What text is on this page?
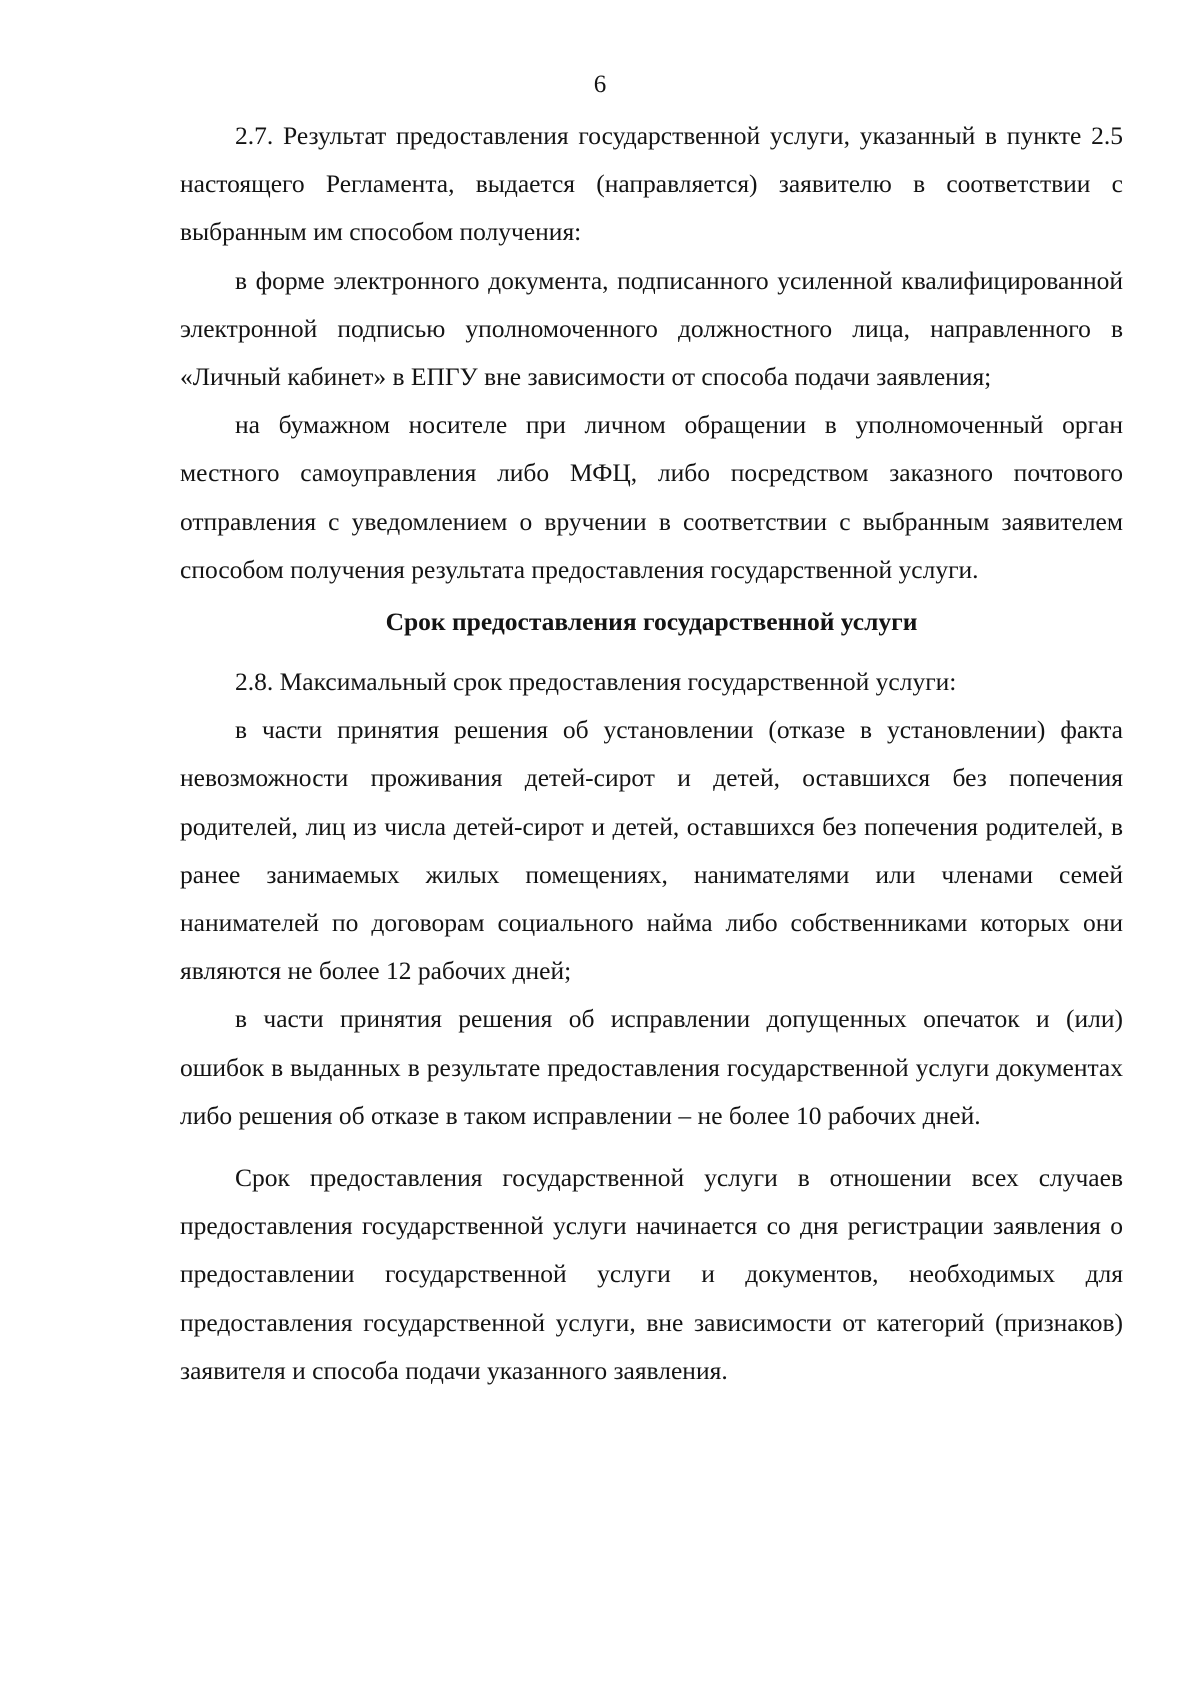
6

2.7. Результат предоставления государственной услуги, указанный в пункте 2.5 настоящего Регламента, выдается (направляется) заявителю в соответствии с выбранным им способом получения:

в форме электронного документа, подписанного усиленной квалифицированной электронной подписью уполномоченного должностного лица, направленного в «Личный кабинет» в ЕПГУ вне зависимости от способа подачи заявления;

на бумажном носителе при личном обращении в уполномоченный орган местного самоуправления либо МФЦ, либо посредством заказного почтового отправления с уведомлением о вручении в соответствии с выбранным заявителем способом получения результата предоставления государственной услуги.

Срок предоставления государственной услуги

2.8. Максимальный срок предоставления государственной услуги:

в части принятия решения об установлении (отказе в установлении) факта невозможности проживания детей-сирот и детей, оставшихся без попечения родителей, лиц из числа детей-сирот и детей, оставшихся без попечения родителей, в ранее занимаемых жилых помещениях, нанимателями или членами семей нанимателей по договорам социального найма либо собственниками которых они являются не более 12 рабочих дней;

в части принятия решения об исправлении допущенных опечаток и (или) ошибок в выданных в результате предоставления государственной услуги документах либо решения об отказе в таком исправлении – не более 10 рабочих дней.

Срок предоставления государственной услуги в отношении всех случаев предоставления государственной услуги начинается со дня регистрации заявления о предоставлении государственной услуги и документов, необходимых для предоставления государственной услуги, вне зависимости от категорий (признаков) заявителя и способа подачи указанного заявления.
